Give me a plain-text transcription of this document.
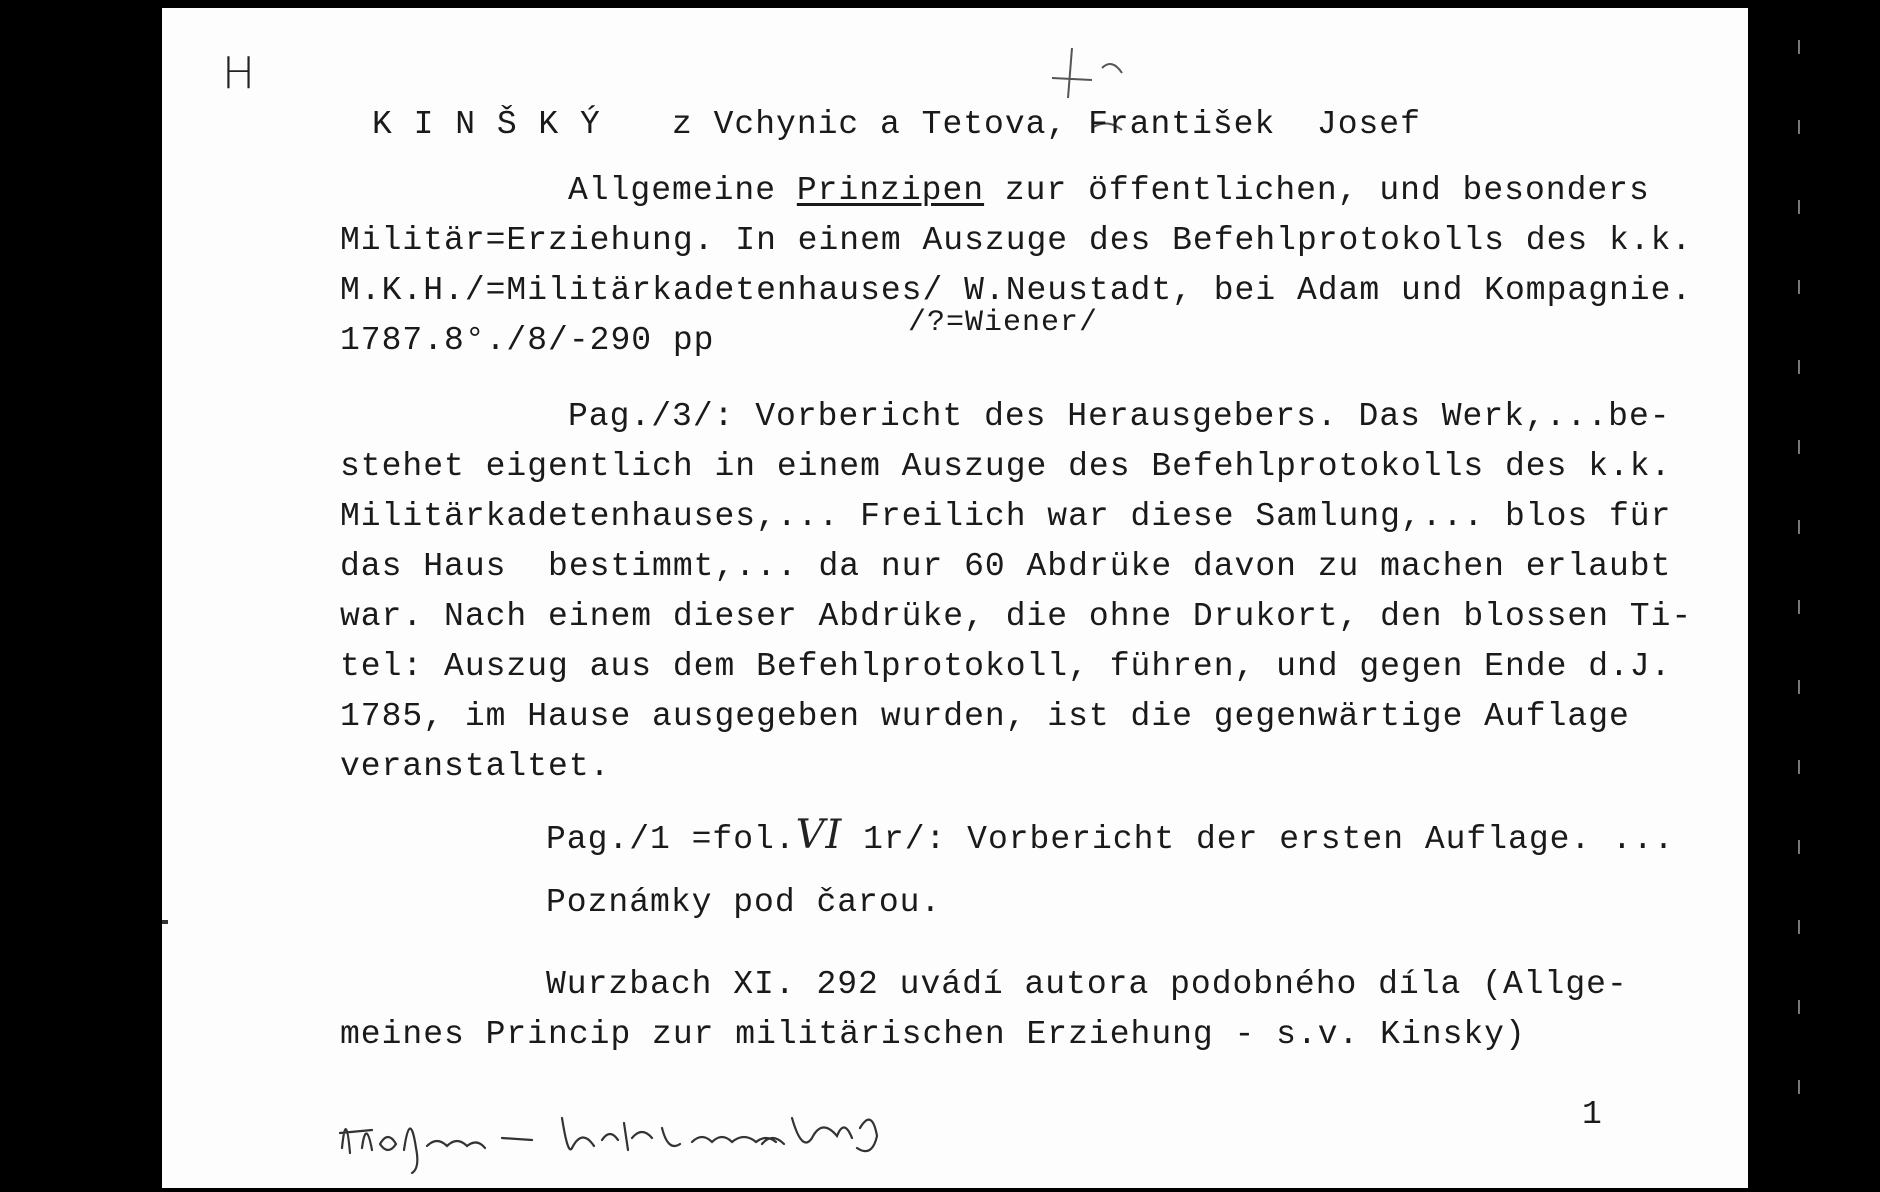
H
K I N Š K Ý z Vchynic a Tetova, František  Josef
Allgemeine Prinzipen zur öffentlichen, und besonders
Militär=Erziehung. In einem Auszuge des Befehlprotokolls des k.k.
M.K.H./=Militärkadetenhauses/ W.Neustadt, bei Adam und Kompagnie.
/?=Wiener/
1787.8°./8/-290 pp
Pag./3/: Vorbericht des Herausgebers. Das Werk,...be-
stehet eigentlich in einem Auszuge des Befehlprotokolls des k.k.
Militärkadetenhauses,... Freilich war diese Samlung,... blos für
das Haus  bestimmt,... da nur 60 Abdrüke davon zu machen erlaubt
war. Nach einem dieser Abdrüke, die ohne Drukort, den blossen Ti-
tel: Auszug aus dem Befehlprotokoll, führen, und gegen Ende d.J.
1785, im Hause ausgegeben wurden, ist die gegenwärtige Auflage
veranstaltet.
Pag./1 =fol.VI 1r/: Vorbericht der ersten Auflage. ...
Poznámky pod čarou.
Wurzbach XI. 292 uvádí autora podobného díla (Allge-
meines Princip zur militärischen Erziehung - s.v. Kinsky)
1
